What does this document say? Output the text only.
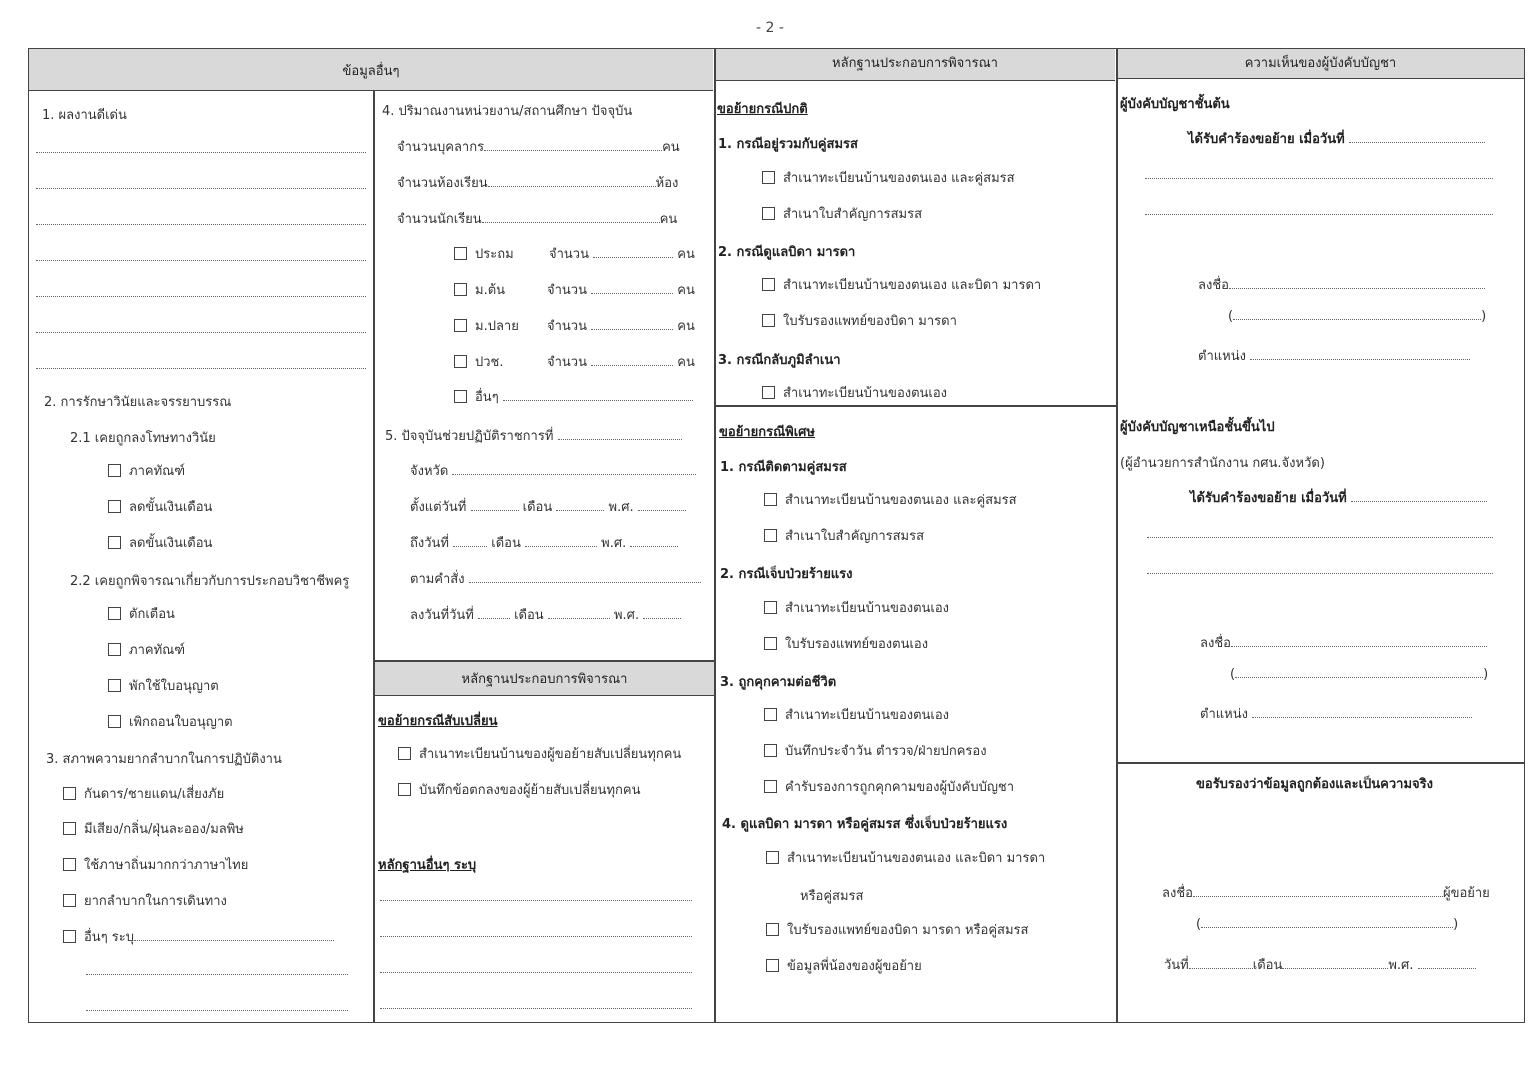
- 2 -
ข้อมูลอื่นๆ
หลักฐานประกอบการพิจารณา	ความเห็นของผู้บังคับบัญชา
หลักฐานประกอบการพิจารณา
1. ผลงานดีเด่น
2. การรักษาวินัยและจรรยาบรรณ
2.1 เคยถูกลงโทษทางวินัย
ภาคทัณฑ์
ลดขั้นเงินเดือน
ลดขั้นเงินเดือน
2.2 เคยถูกพิจารณาเกี่ยวกับการประกอบวิชาชีพครู
ตักเตือน
ภาคทัณฑ์
พักใช้ใบอนุญาต
เพิกถอนใบอนุญาต
3. สภาพความยากลำบากในการปฏิบัติงาน
กันดาร/ชายแดน/เสี่ยงภัย
มีเสียง/กลิ่น/ฝุ่นละออง/มลพิษ
ใช้ภาษาถิ่นมากกว่าภาษาไทย
ยากลำบากในการเดินทาง
อื่นๆ ระบุ
4. ปริมาณงานหน่วยงาน/สถานศึกษา ปัจจุบัน
จำนวนบุคลากร	คน
จำนวนห้องเรียน	ห้อง
จำนวนนักเรียน	คน
ประถม	จำนวน	คน
ม.ต้น	จำนวน	คน
ม.ปลาย จำนวน	คน
ปวช.	จำนวน	คน
อื่นๆ
5. ปัจจุบันช่วยปฏิบัติราชการที่
จังหวัด
ตั้งแต่วันที่	เดือน	พ.ศ.
ถึงวันที่	เดือน	พ.ศ.
ตามคำสั่ง
ลงวันที่วันที่	เดือน	พ.ศ.
ขอย้ายกรณีสับเปลี่ยน
สำเนาทะเบียนบ้านของผู้ขอย้ายสับเปลี่ยนทุกคน
บันทึกข้อตกลงของผู้ย้ายสับเปลี่ยนทุกคน
หลักฐานอื่นๆ ระบุ
ขอย้ายกรณีปกติ
1. กรณีอยู่รวมกับคู่สมรส
สำเนาทะเบียนบ้านของตนเอง และคู่สมรส
สำเนาใบสำคัญการสมรส
2. กรณีดูแลบิดา มารดา
สำเนาทะเบียนบ้านของตนเอง และบิดา มารดา
ใบรับรองแพทย์ของบิดา มารดา
3. กรณีกลับภูมิลำเนา
สำเนาทะเบียนบ้านของตนเอง
ขอย้ายกรณีพิเศษ
1. กรณีติดตามคู่สมรส
สำเนาทะเบียนบ้านของตนเอง และคู่สมรส
สำเนาใบสำคัญการสมรส
2. กรณีเจ็บป่วยร้ายแรง
สำเนาทะเบียนบ้านของตนเอง
ใบรับรองแพทย์ของตนเอง
3. ถูกคุกคามต่อชีวิต
สำเนาทะเบียนบ้านของตนเอง
บันทึกประจำวัน ตำรวจ/ฝ่ายปกครอง
คำรับรองการถูกคุกคามของผู้บังคับบัญชา
4. ดูแลบิดา มารดา หรือคู่สมรส ซึ่งเจ็บป่วยร้ายแรง
สำเนาทะเบียนบ้านของตนเอง และบิดา มารดา
หรือคู่สมรส
ใบรับรองแพทย์ของบิดา มารดา หรือคู่สมรส
ข้อมูลพี่น้องของผู้ขอย้าย
ผู้บังคับบัญชาชั้นต้น
ได้รับคำร้องขอย้าย เมื่อวันที่
ลงชื่อ
(	)
ตำแหน่ง
ผู้บังคับบัญชาเหนือชั้นขึ้นไป
(ผู้อำนวยการสำนักงาน กศน.จังหวัด)
ได้รับคำร้องขอย้าย เมื่อวันที่
ลงชื่อ
(	)
ตำแหน่ง
ขอรับรองว่าข้อมูลถูกต้องและเป็นความจริง
ลงชื่อ	ผู้ขอย้าย
(	)
วันที่	เดือน	พ.ศ.
